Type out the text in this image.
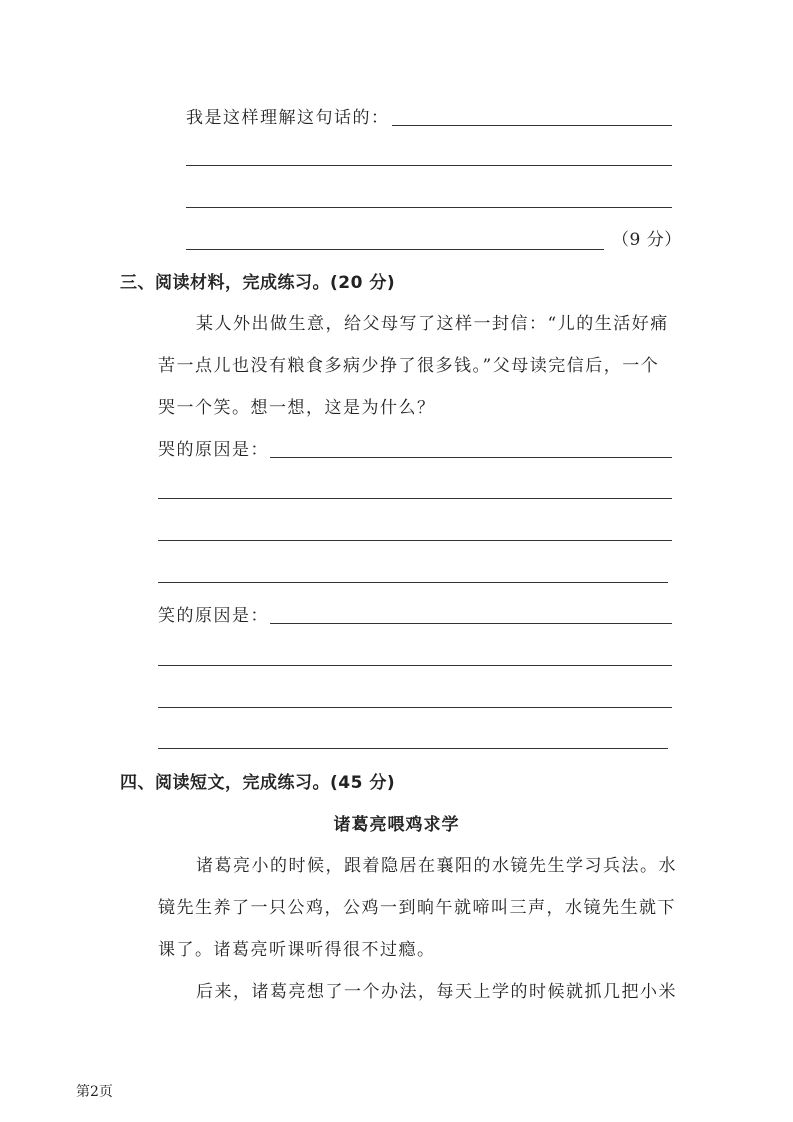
我是这样理解这句话的：
（9 分）
三、阅读材料，完成练习。(20 分)
某人外出做生意，给父母写了这样一封信：“儿的生活好痛
苦一点儿也没有粮食多病少挣了很多钱。”父母读完信后，一个
哭一个笑。想一想，这是为什么？
哭的原因是：
笑的原因是：
四、阅读短文，完成练习。(45 分)
诸葛亮喂鸡求学
诸葛亮小的时候，跟着隐居在襄阳的水镜先生学习兵法。水
镜先生养了一只公鸡，公鸡一到晌午就啼叫三声，水镜先生就下
课了。诸葛亮听课听得很不过瘾。
后来，诸葛亮想了一个办法，每天上学的时候就抓几把小米
第2页
